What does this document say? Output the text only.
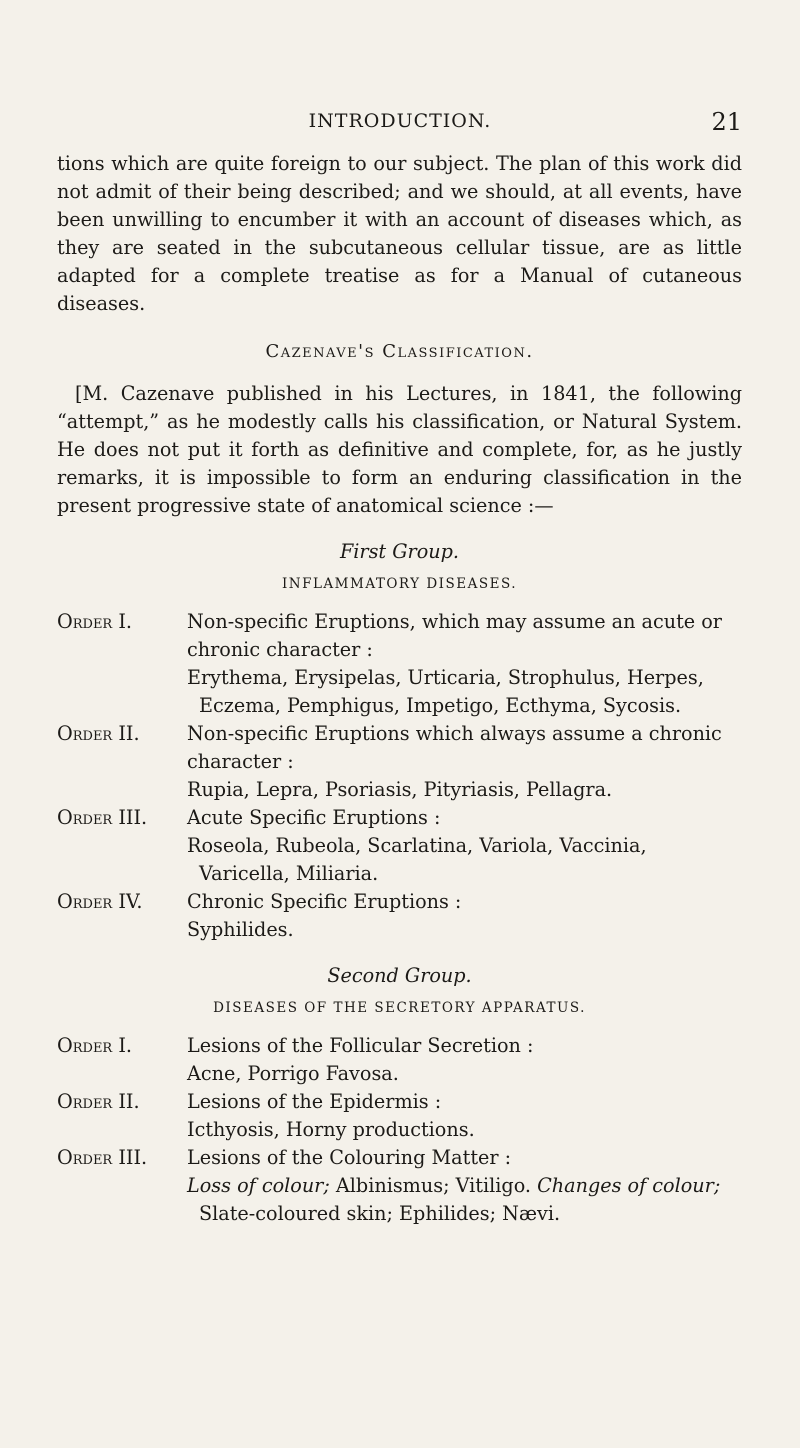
INTRODUCTION.	21

tions which are quite foreign to our subject. The plan of this work did not admit of their being described; and we should, at all events, have been unwilling to encumber it with an account of diseases which, as they are seated in the subcutaneous cellular tissue, are as little adapted for a complete treatise as for a Manual of cutaneous diseases.

Cazenave's Classification.

[M. Cazenave published in his Lectures, in 1841, the following “attempt,” as he modestly calls his classification, or Natural System. He does not put it forth as definitive and complete, for, as he justly remarks, it is impossible to form an enduring classification in the present progressive state of anatomical science :—

First Group.
INFLAMMATORY DISEASES.
Order I.	Non-specific Eruptions, which may assume an acute or chronic character :
Erythema, Erysipelas, Urticaria, Strophulus, Herpes, Eczema, Pemphigus, Impetigo, Ecthyma, Sycosis.
Order II. Non-specific Eruptions which always assume a chronic character :
Rupia, Lepra, Psoriasis, Pityriasis, Pellagra.
Order III. Acute Specific Eruptions :
Roseola, Rubeola, Scarlatina, Variola, Vaccinia, Varicella, Miliaria.
Order IV. Chronic Specific Eruptions :
Syphilides.
Second Group.
DISEASES OF THE SECRETORY APPARATUS.
Order I.	Lesions of the Follicular Secretion :
Acne, Porrigo Favosa.
Order II. Lesions of the Epidermis :
Icthyosis, Horny productions.
Order III. Lesions of the Colouring Matter :
Loss of colour; Albinismus; Vitiligo. Changes of colour; Slate-coloured skin; Ephilides; Nævi.
